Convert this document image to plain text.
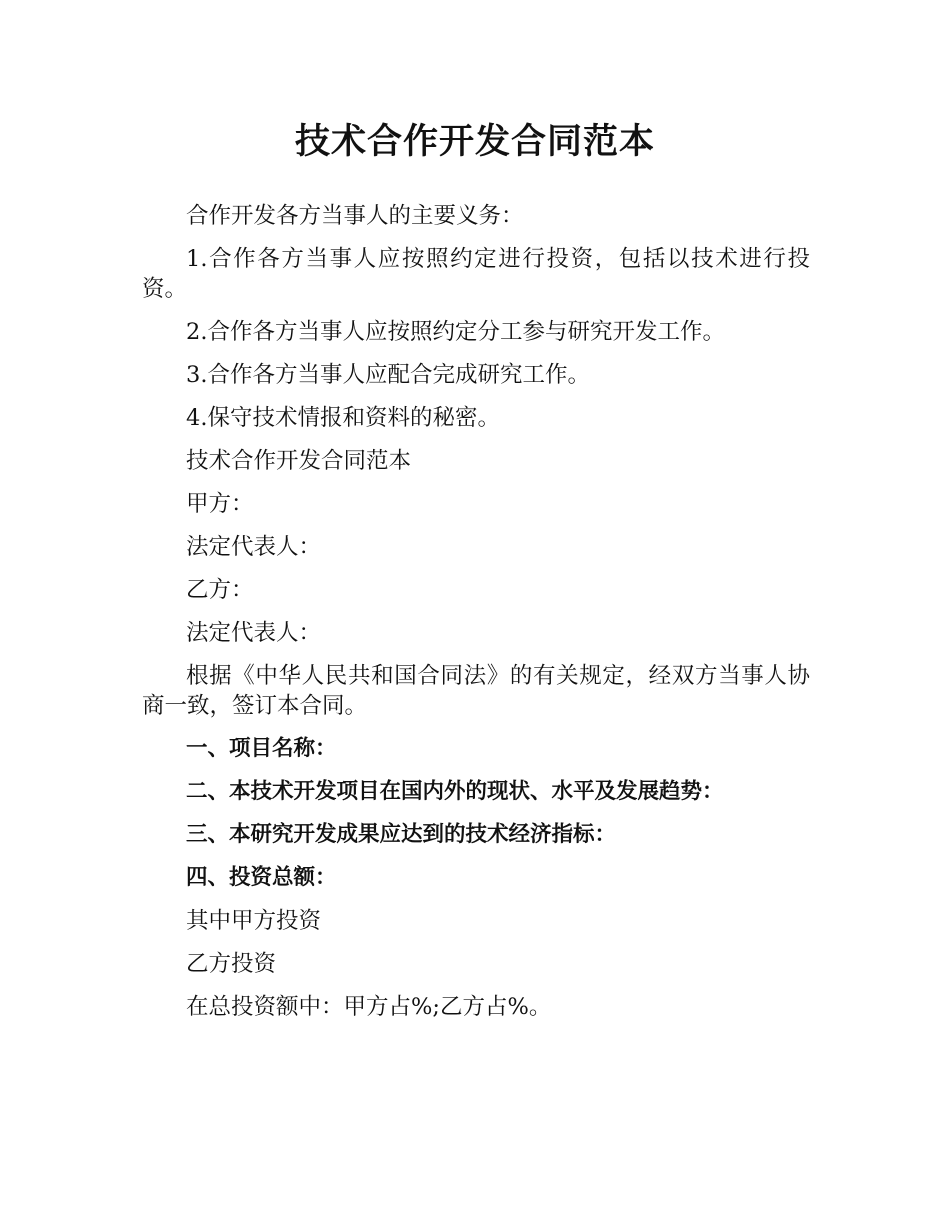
技术合作开发合同范本

合作开发各方当事人的主要义务：

1.合作各方当事人应按照约定进行投资，包括以技术进行投资。

2.合作各方当事人应按照约定分工参与研究开发工作。

3.合作各方当事人应配合完成研究工作。

4.保守技术情报和资料的秘密。

技术合作开发合同范本

甲方：

法定代表人：

乙方：

法定代表人：

根据《中华人民共和国合同法》的有关规定，经双方当事人协商一致，签订本合同。

一、项目名称：

二、本技术开发项目在国内外的现状、水平及发展趋势：

三、本研究开发成果应达到的技术经济指标：

四、投资总额：

其中甲方投资

乙方投资

在总投资额中：甲方占%;乙方占%。
